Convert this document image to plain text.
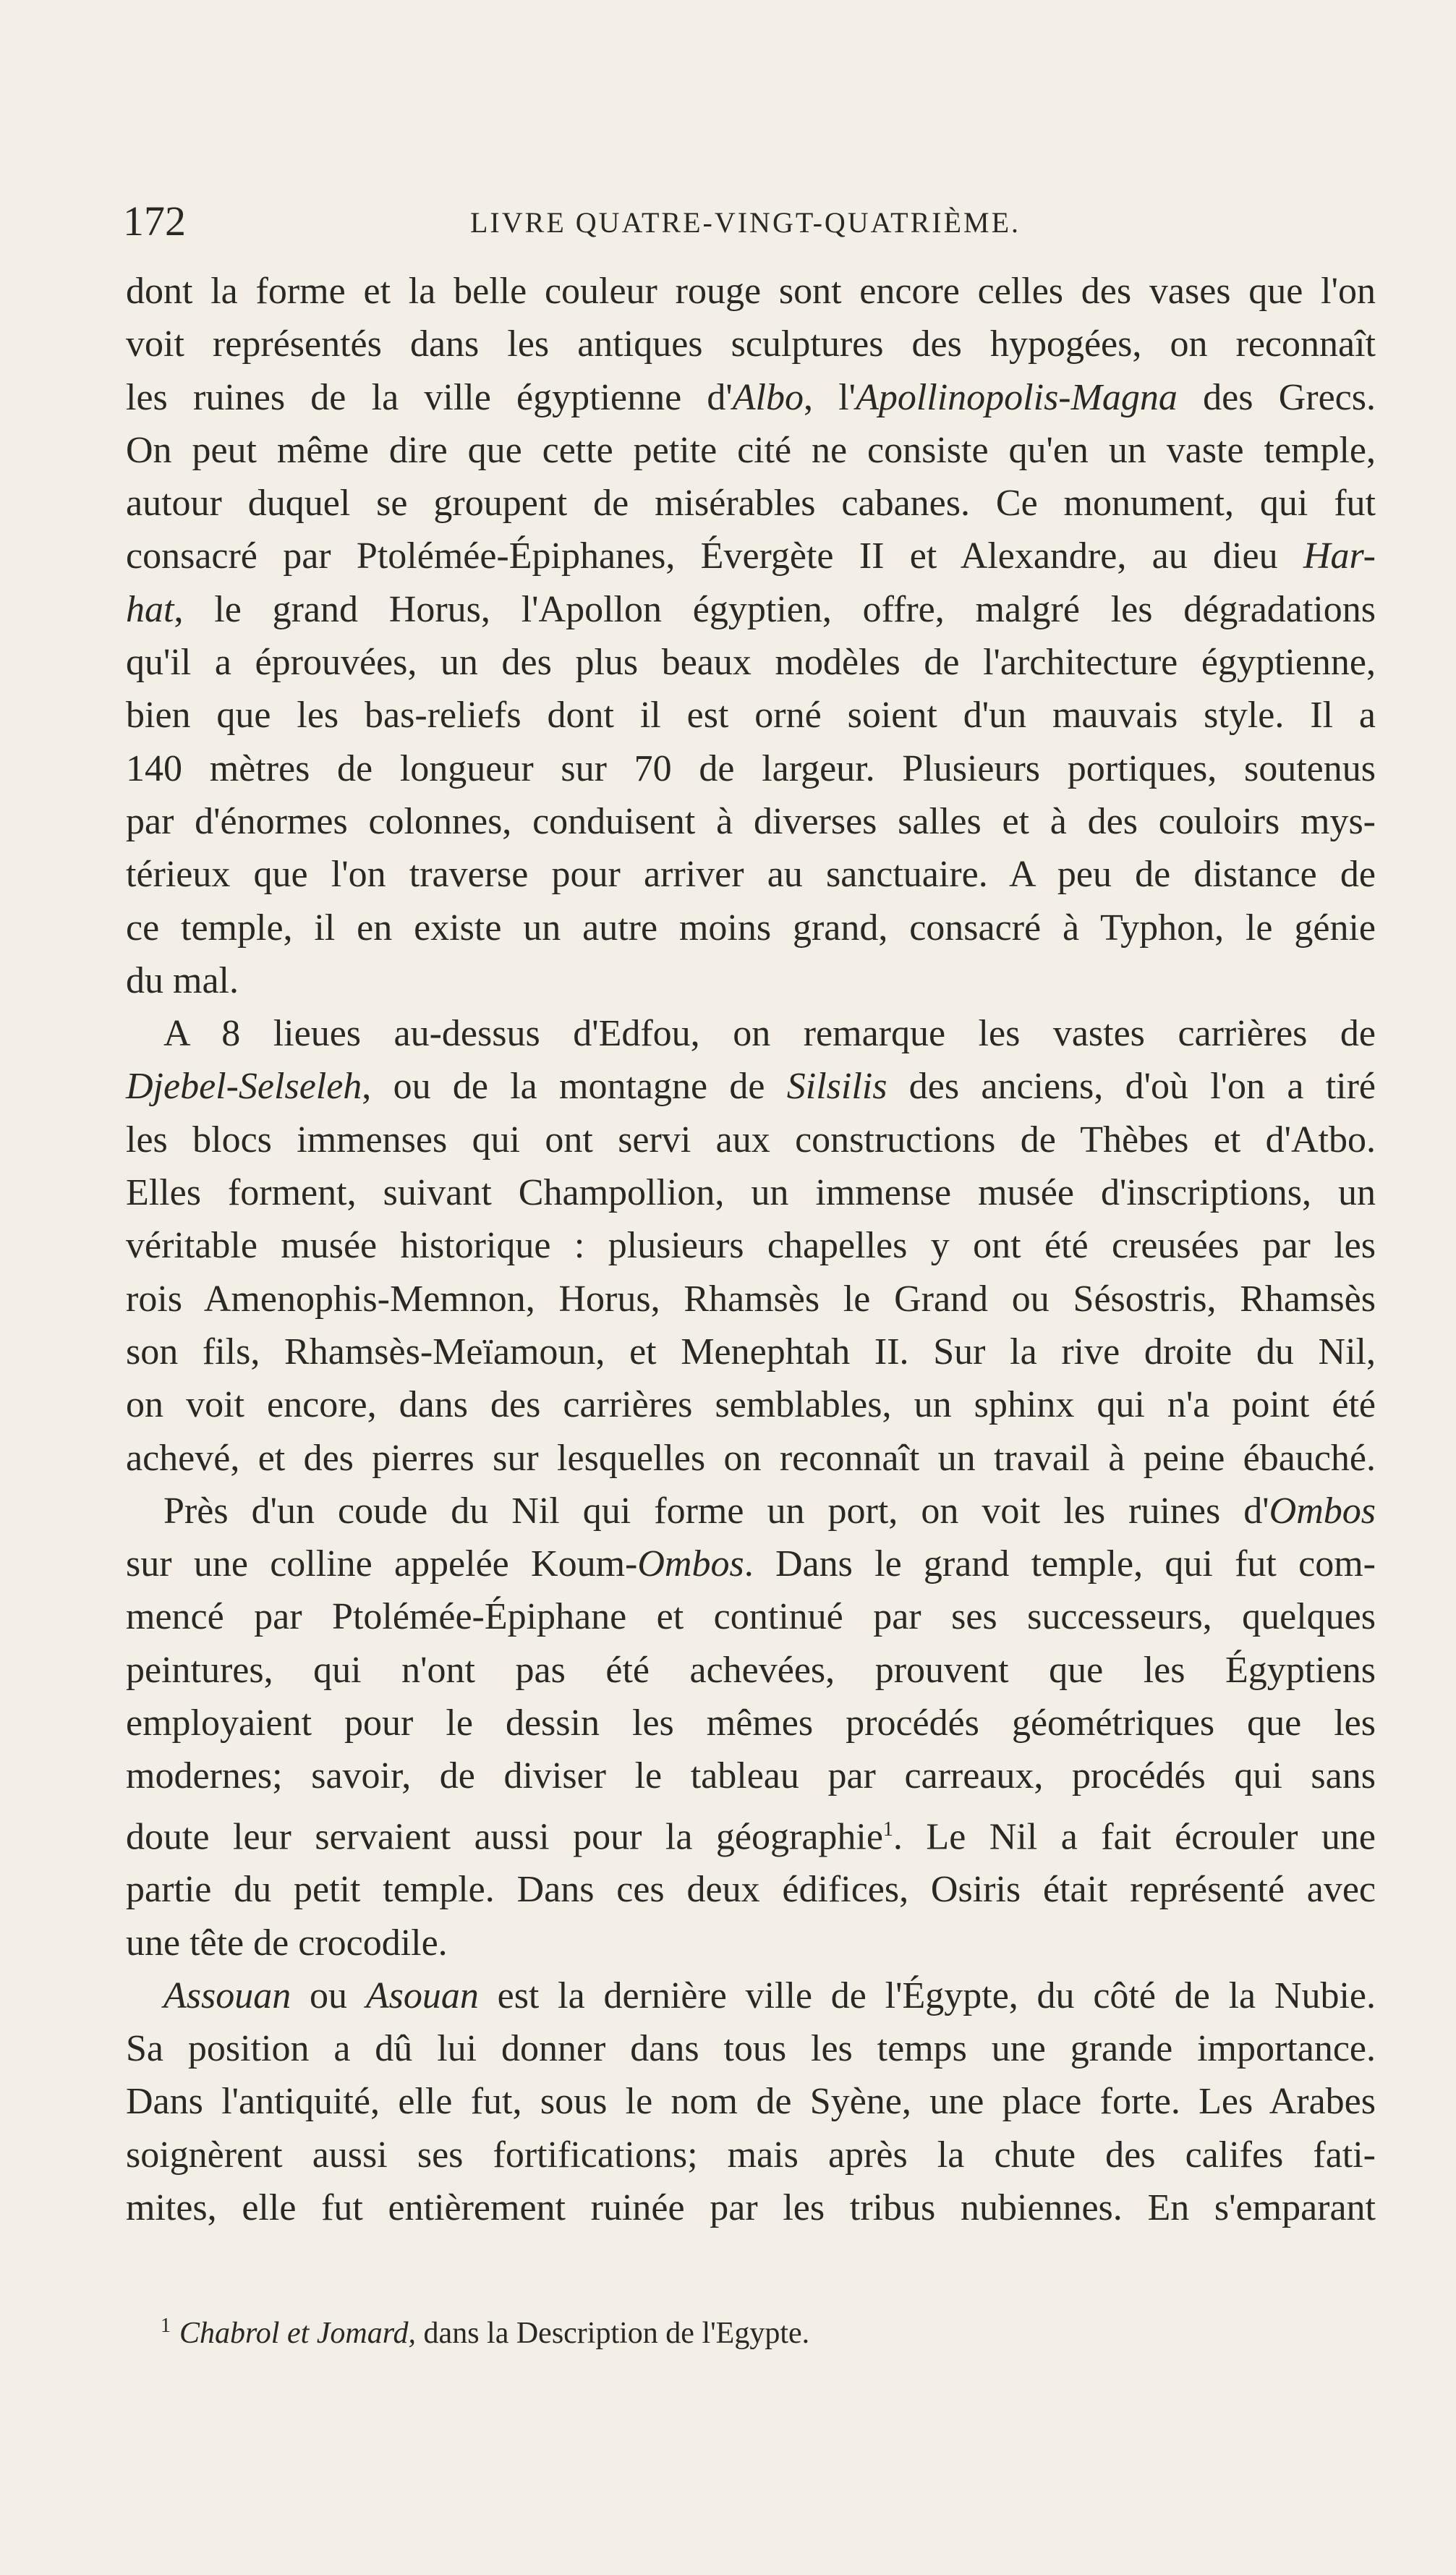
172	LIVRE QUATRE-VINGT-QUATRIÈME.

dont la forme et la belle couleur rouge sont encore celles des vases que l'on
voit représentés dans les antiques sculptures des hypogées, on reconnaît
les ruines de la ville égyptienne d'Albo, l'Apollinopolis-Magna des Grecs.
On peut même dire que cette petite cité ne consiste qu'en un vaste temple,
autour duquel se groupent de misérables cabanes. Ce monument, qui fut
consacré par Ptolémée-Épiphanes, Évergète II et Alexandre, au dieu Har-
hat, le grand Horus, l'Apollon égyptien, offre, malgré les dégradations
qu'il a éprouvées, un des plus beaux modèles de l'architecture égyptienne,
bien que les bas-reliefs dont il est orné soient d'un mauvais style. Il a
140 mètres de longueur sur 70 de largeur. Plusieurs portiques, soutenus
par d'énormes colonnes, conduisent à diverses salles et à des couloirs mys-
térieux que l'on traverse pour arriver au sanctuaire. A peu de distance de
ce temple, il en existe un autre moins grand, consacré à Typhon, le génie
du mal.

A 8 lieues au-dessus d'Edfou, on remarque les vastes carrières de
Djebel-Selseleh, ou de la montagne de Silsilis des anciens, d'où l'on a tiré
les blocs immenses qui ont servi aux constructions de Thèbes et d'Atbo.
Elles forment, suivant Champollion, un immense musée d'inscriptions, un
véritable musée historique : plusieurs chapelles y ont été creusées par les
rois Amenophis-Memnon, Horus, Rhamsès le Grand ou Sésostris, Rhamsès
son fils, Rhamsès-Meïamoun, et Menephtah II. Sur la rive droite du Nil,
on voit encore, dans des carrières semblables, un sphinx qui n'a point été
achevé, et des pierres sur lesquelles on reconnaît un travail à peine ébauché.

Près d'un coude du Nil qui forme un port, on voit les ruines d'Ombos
sur une colline appelée Koum-Ombos. Dans le grand temple, qui fut com-
mencé par Ptolémée-Épiphane et continué par ses successeurs, quelques
peintures, qui n'ont pas été achevées, prouvent que les Égyptiens
employaient pour le dessin les mêmes procédés géométriques que les
modernes; savoir, de diviser le tableau par carreaux, procédés qui sans
doute leur servaient aussi pour la géographie$^1$. Le Nil a fait écrouler une
partie du petit temple. Dans ces deux édifices, Osiris était représenté avec
une tête de crocodile.

Assouan ou Asouan est la dernière ville de l'Égypte, du côté de la Nubie.
Sa position a dû lui donner dans tous les temps une grande importance.
Dans l'antiquité, elle fut, sous le nom de Syène, une place forte. Les Arabes
soignèrent aussi ses fortifications; mais après la chute des califes fati-
mites, elle fut entièrement ruinée par les tribus nubiennes. En s'emparant

$^1$ Chabrol et Jomard, dans la Description de l'Egypte.
